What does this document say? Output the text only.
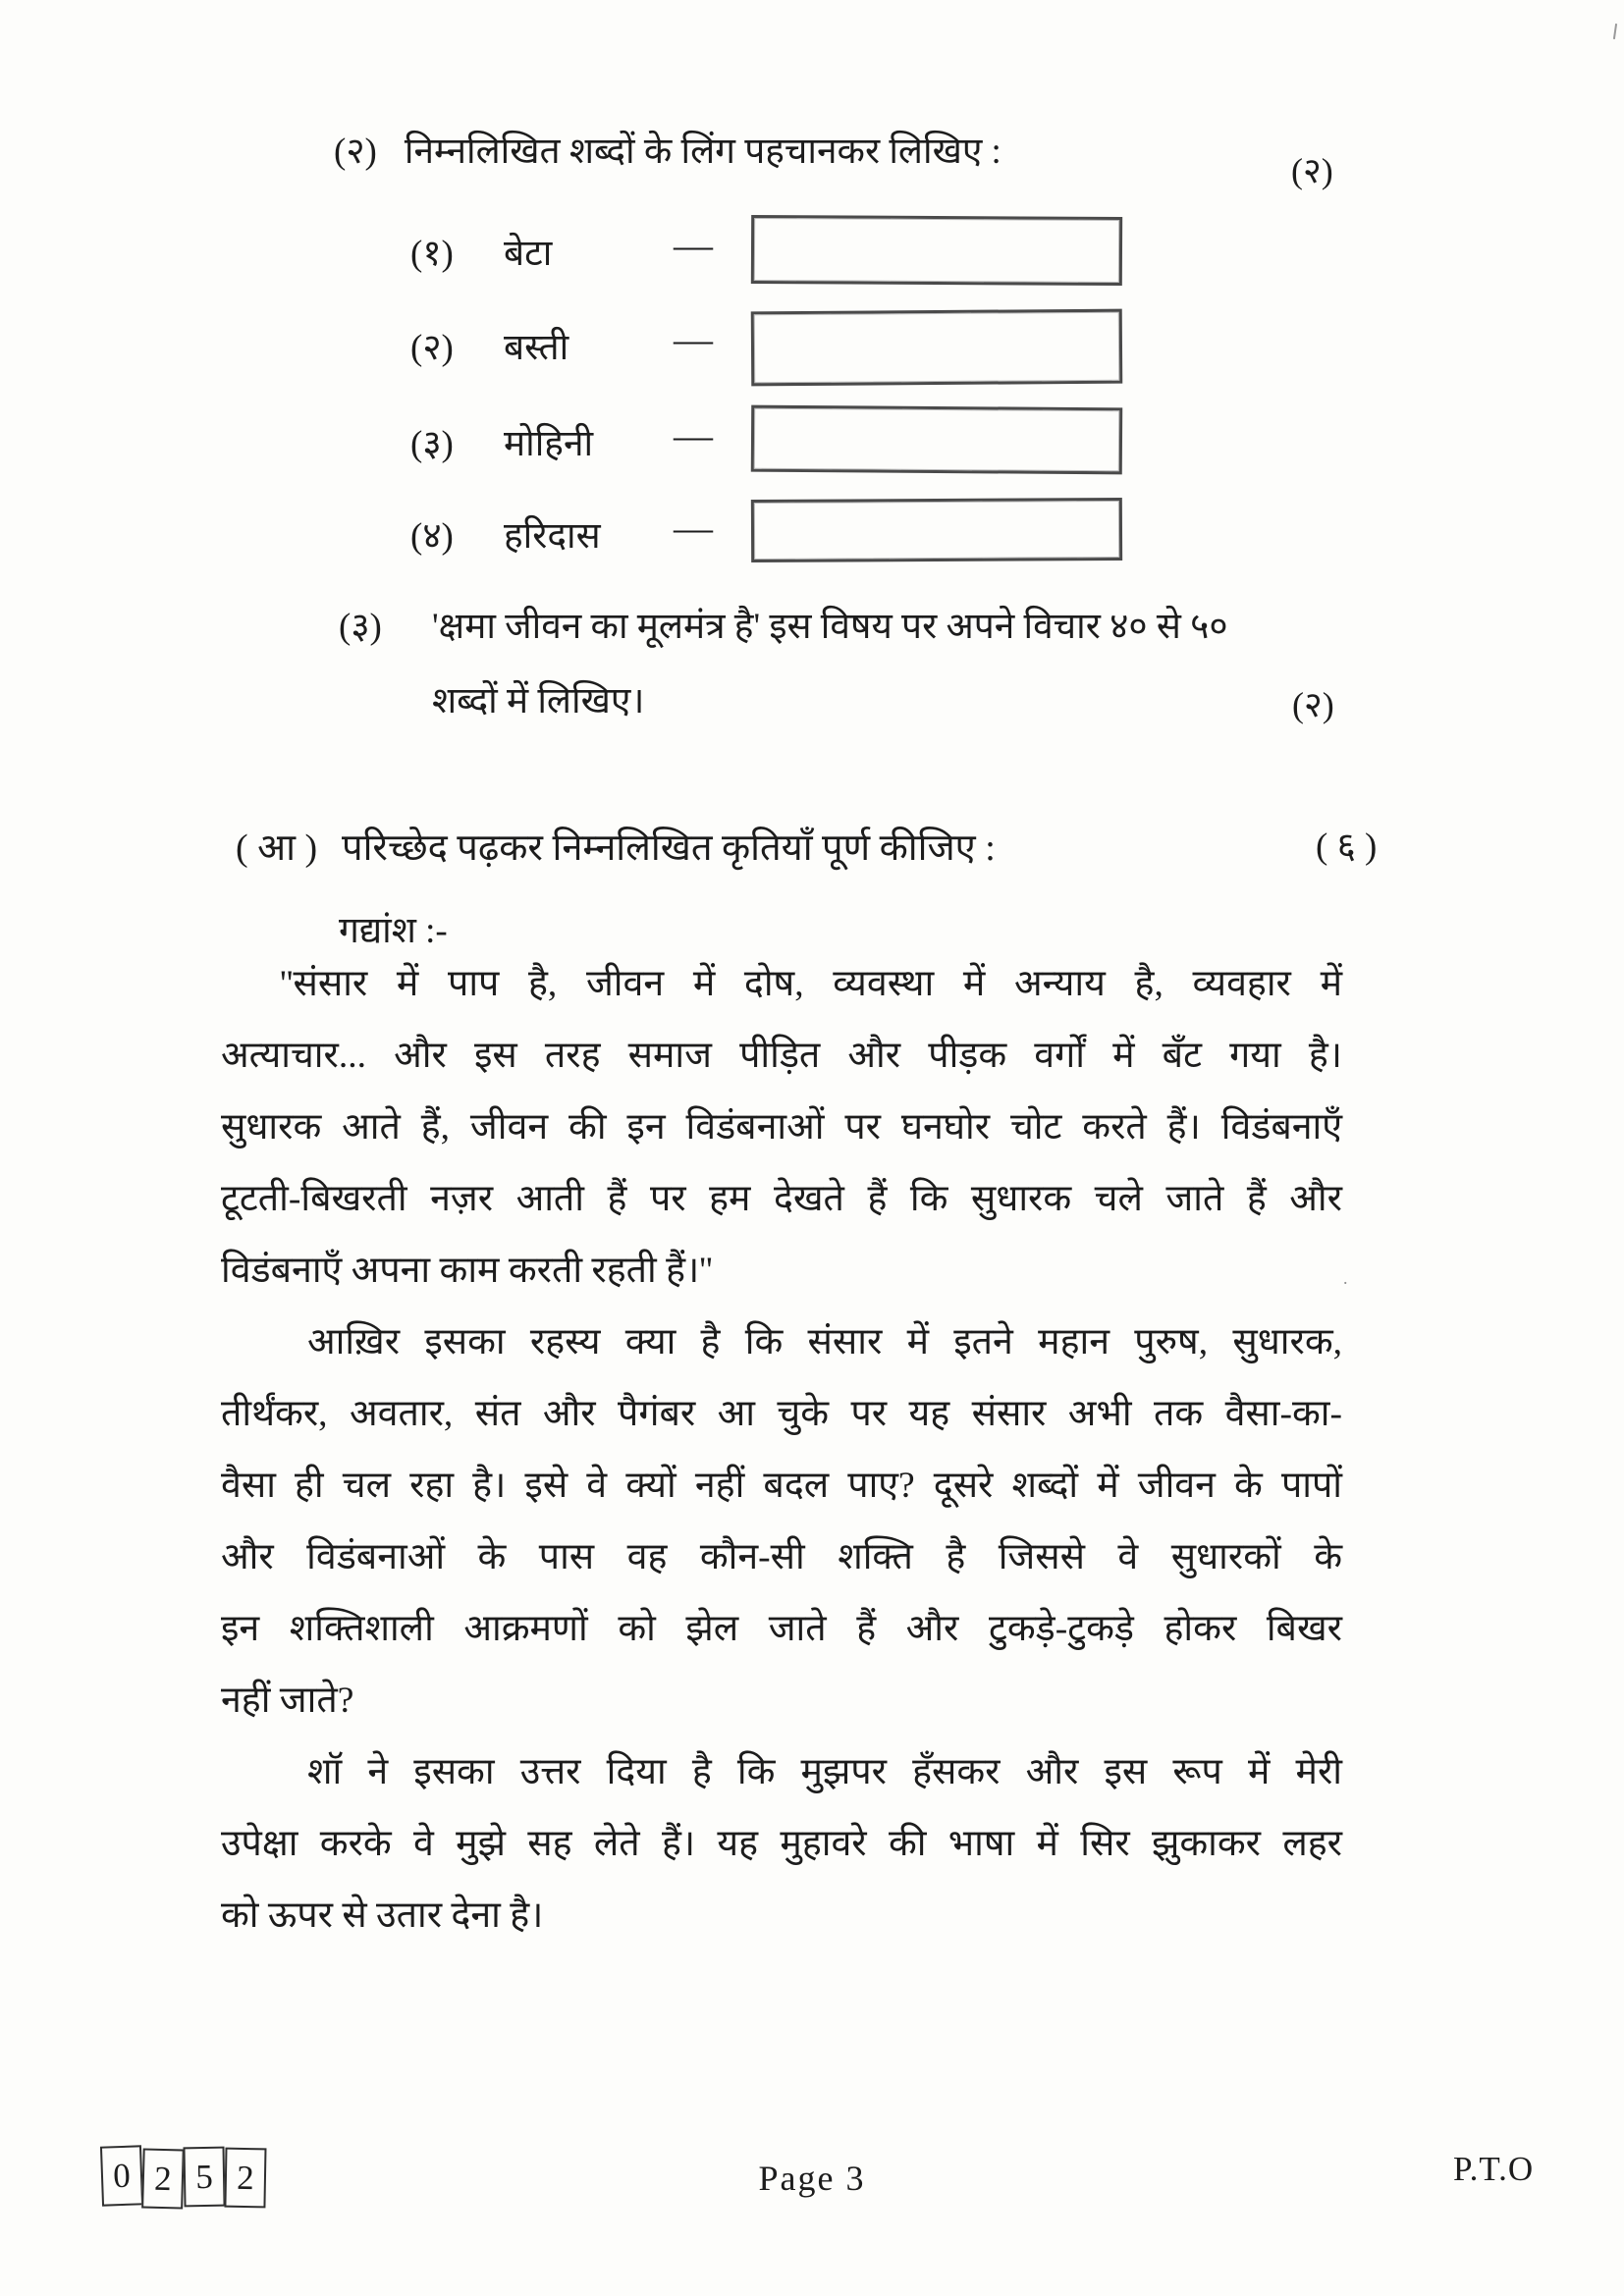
(२) निम्नलिखित शब्दों के लिंग पहचानकर लिखिए :	(२)
(१) बेटा	—
(२) बस्ती	—
(३) मोहिनी —
(४) हरिदास —
(३) 'क्षमा जीवन का मूलमंत्र है' इस विषय पर अपने विचार ४० से ५०
शब्दों में लिखिए।	(२)
( आ ) परिच्छेद पढ़कर निम्नलिखित कृतियाँ पूर्ण कीजिए :	( ६ )
गद्यांश :-
''संसार में पाप है, जीवन में दोष, व्यवस्था में अन्याय है, व्यवहार में
अत्याचार... और इस तरह समाज पीड़ित और पीड़क वर्गों में बँट गया है।
सुधारक आते हैं, जीवन की इन विडंबनाओं पर घनघोर चोट करते हैं। विडंबनाएँ
टूटती-बिखरती नज़र आती हैं पर हम देखते हैं कि सुधारक चले जाते हैं और
विडंबनाएँ अपना काम करती रहती हैं।''
आख़िर इसका रहस्य क्या है कि संसार में इतने महान पुरुष, सुधारक,
तीर्थंकर, अवतार, संत और पैगंबर आ चुके पर यह संसार अभी तक वैसा-का-
वैसा ही चल रहा है। इसे वे क्यों नहीं बदल पाए? दूसरे शब्दों में जीवन के पापों
और विडंबनाओं के पास वह कौन-सी शक्ति है जिससे वे सुधारकों के
इन शक्तिशाली आक्रमणों को झेल जाते हैं और टुकड़े-टुकड़े होकर बिखर
नहीं जाते?
शॉ ने इसका उत्तर दिया है कि मुझपर हँसकर और इस रूप में मेरी
उपेक्षा करके वे मुझे सह लेते हैं। यह मुहावरे की भाषा में सिर झुकाकर लहर
को ऊपर से उतार देना है।
.
0 2 5 2	Page 3	P.T.O
